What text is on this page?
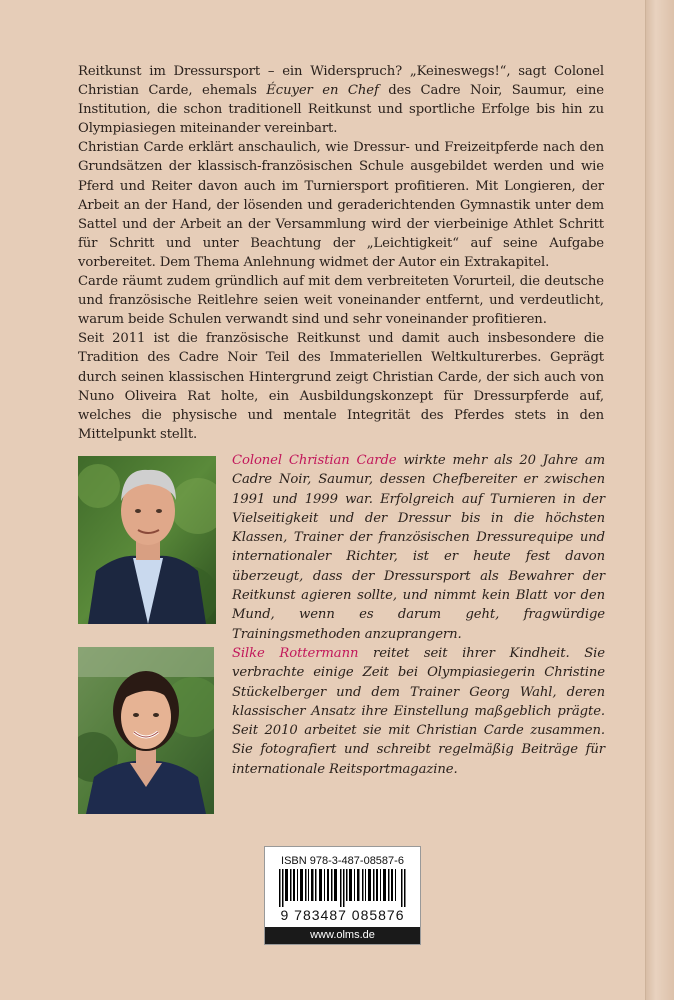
Reitkunst im Dressursport – ein Widerspruch? „Keineswegs!“, sagt Colonel Christian Carde, ehemals Écuyer en Chef des Cadre Noir, Saumur, eine Institution, die schon traditionell Reitkunst und sportliche Erfolge bis hin zu Olympiasiegen miteinander vereinbart.

Christian Carde erklärt anschaulich, wie Dressur- und Freizeitpferde nach den Grundsätzen der klassisch-französischen Schule ausgebildet werden und wie Pferd und Reiter davon auch im Turniersport profitieren. Mit Longieren, der Arbeit an der Hand, der lösenden und geraderichtenden Gymnastik unter dem Sattel und der Arbeit an der Versammlung wird der vierbeinige Athlet Schritt für Schritt und unter Beachtung der „Leichtigkeit“ auf seine Aufgabe vorbereitet. Dem Thema Anlehnung widmet der Autor ein Extrakapitel.

Carde räumt zudem gründlich auf mit dem verbreiteten Vorurteil, die deutsche und französische Reitlehre seien weit voneinander entfernt, und verdeutlicht, warum beide Schulen verwandt sind und sehr voneinander profitieren.

Seit 2011 ist die französische Reitkunst und damit auch insbesondere die Tradition des Cadre Noir Teil des Immateriellen Weltkulturerbes. Geprägt durch seinen klassischen Hintergrund zeigt Christian Carde, der sich auch von Nuno Oliveira Rat holte, ein Ausbildungskonzept für Dressurpferde auf, welches die physische und mentale Integrität des Pferdes stets in den Mittelpunkt stellt.

Colonel Christian Carde wirkte mehr als 20 Jahre am Cadre Noir, Saumur, dessen Chefbereiter er zwischen 1991 und 1999 war. Erfolgreich auf Turnieren in der Vielseitigkeit und der Dressur bis in die höchsten Klassen, Trainer der französischen Dressurequipe und internationaler Richter, ist er heute fest davon überzeugt, dass der Dressursport als Bewahrer der Reitkunst agieren sollte, und nimmt kein Blatt vor den Mund, wenn es darum geht, fragwürdige Trainingsmethoden anzuprangern.
Silke Rottermann reitet seit ihrer Kindheit. Sie verbrachte einige Zeit bei Olympiasiegerin Christine Stückelberger und dem Trainer Georg Wahl, deren klassischer Ansatz ihre Einstellung maßgeblich prägte. Seit 2010 arbeitet sie mit Christian Carde zusammen. Sie fotografiert und schreibt regelmäßig Beiträge für internationale Reitsportmagazine.
ISBN 978-3-487-08587-6
9 783487 085876
www.olms.de
